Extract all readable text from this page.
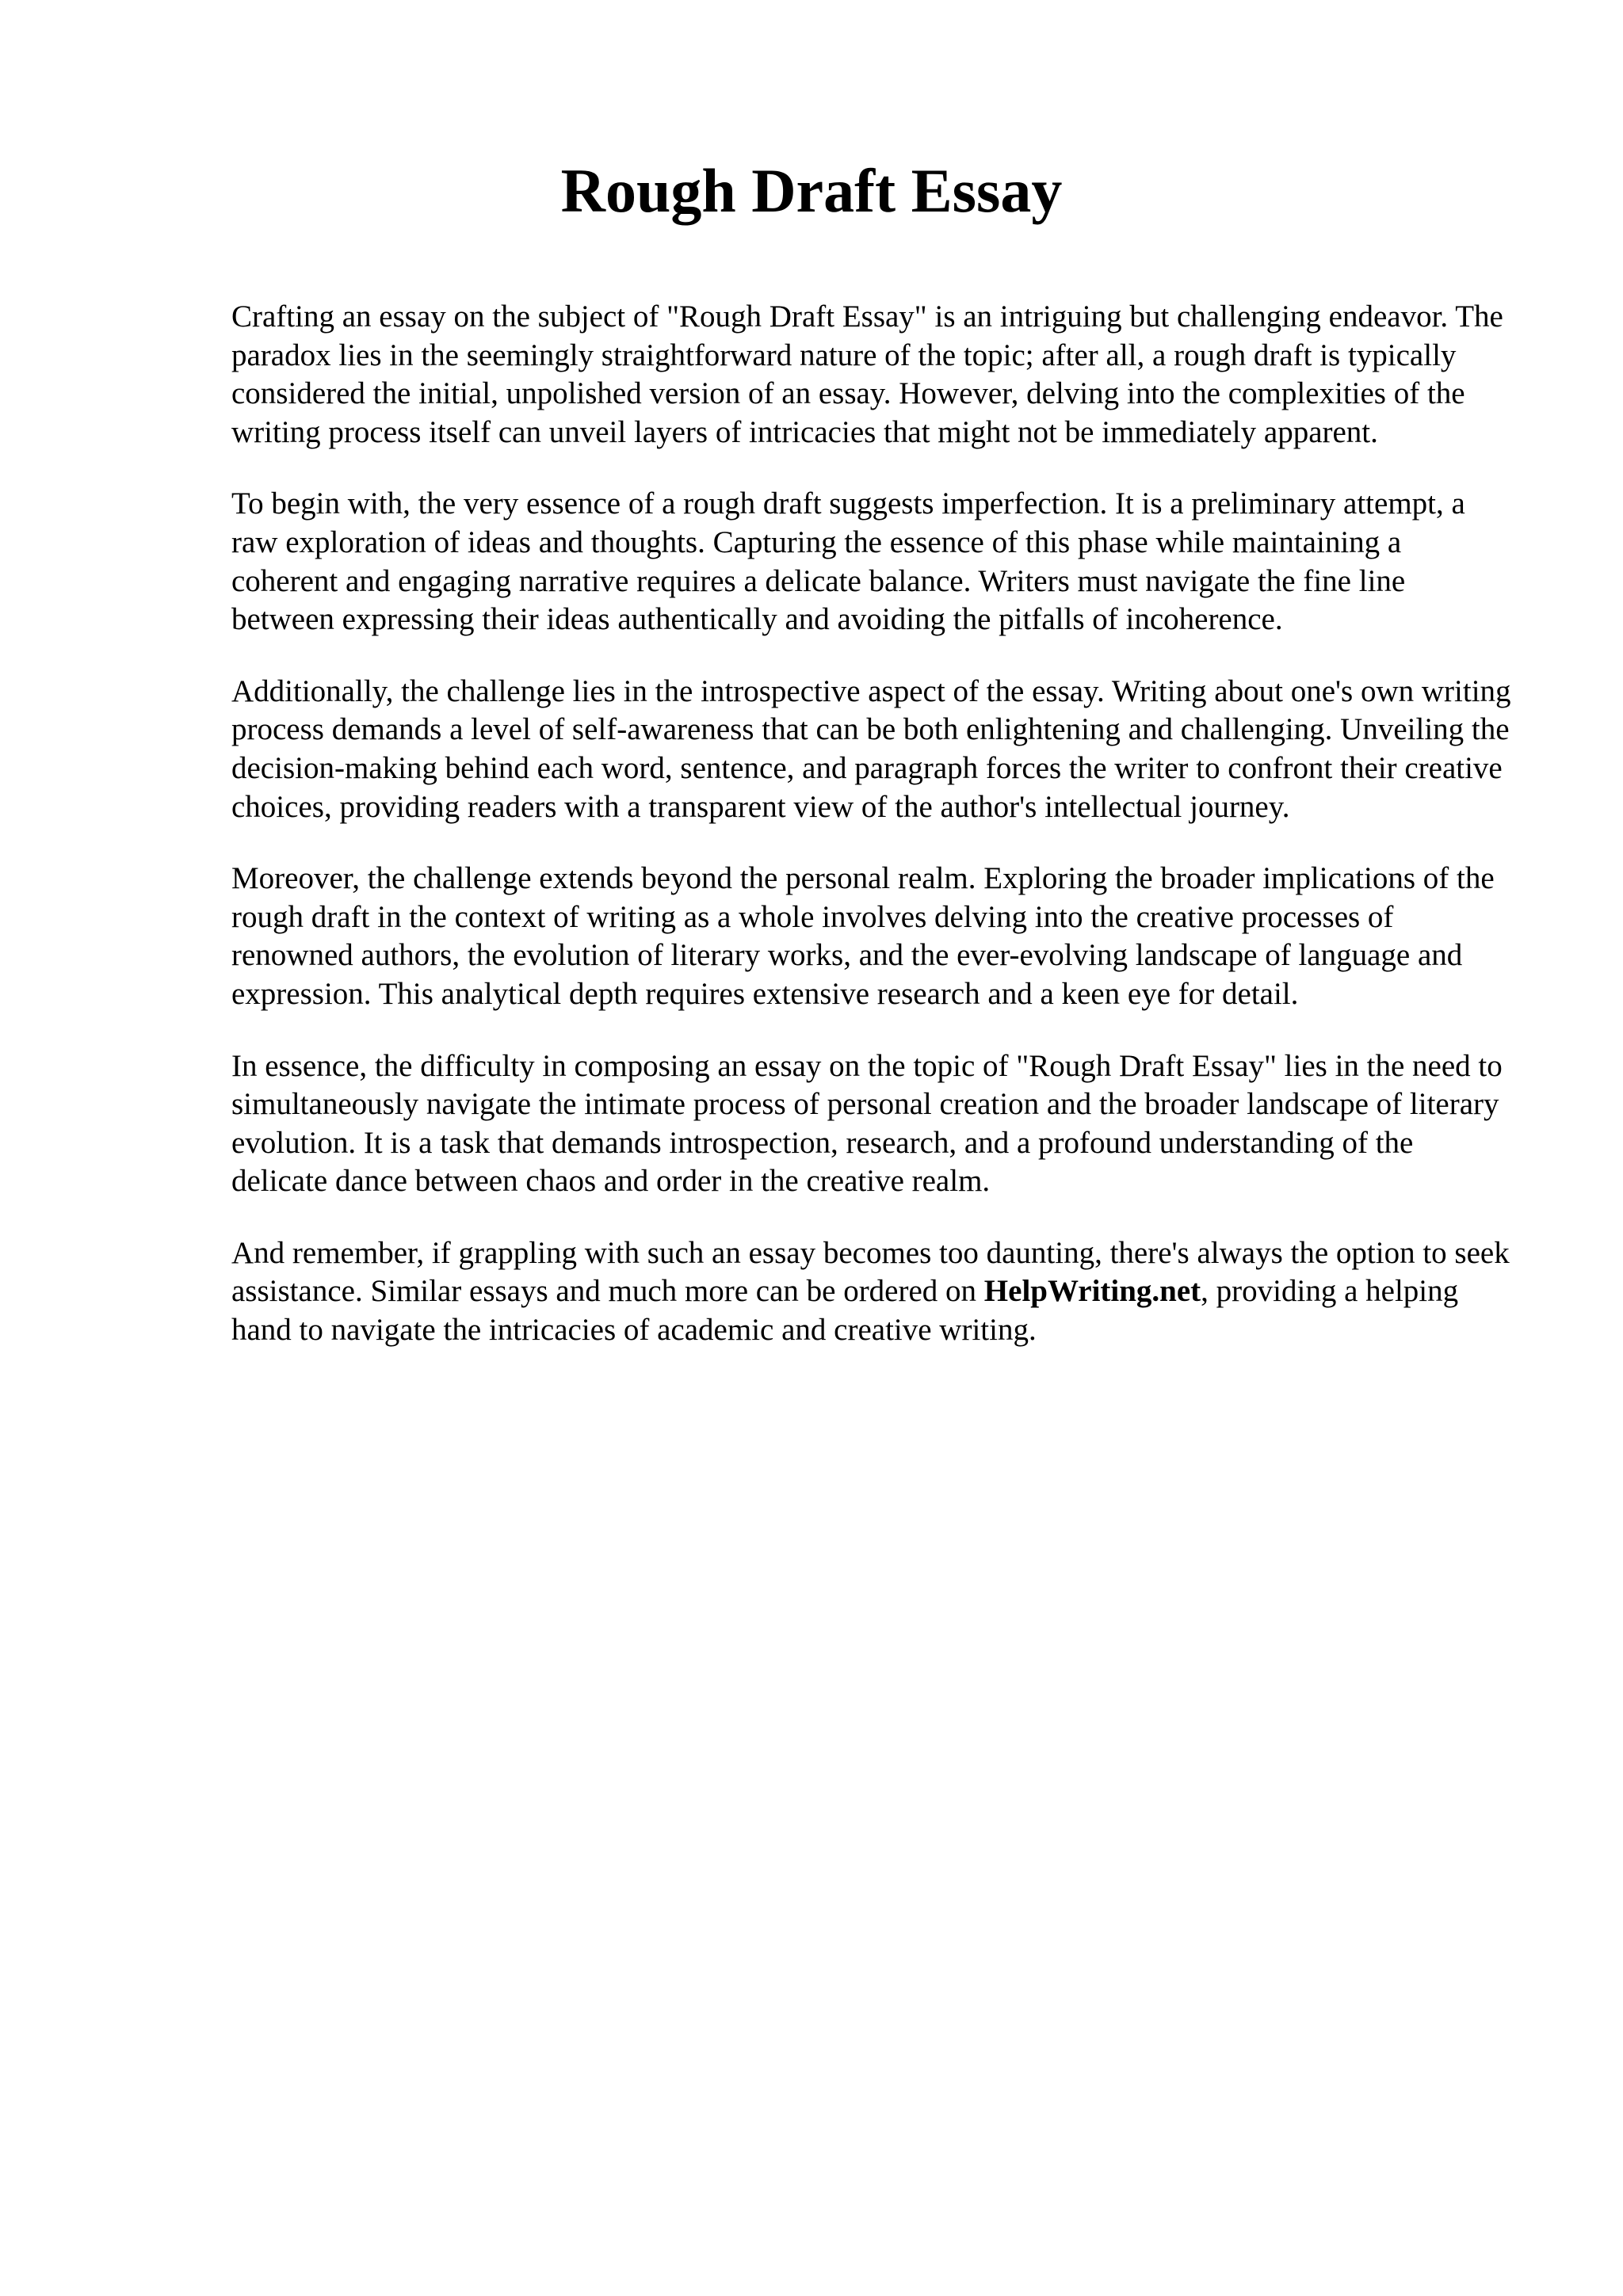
Rough Draft Essay

Crafting an essay on the subject of "Rough Draft Essay" is an intriguing but challenging endeavor. The paradox lies in the seemingly straightforward nature of the topic; after all, a rough draft is typically considered the initial, unpolished version of an essay. However, delving into the complexities of the writing process itself can unveil layers of intricacies that might not be immediately apparent.

To begin with, the very essence of a rough draft suggests imperfection. It is a preliminary attempt, a raw exploration of ideas and thoughts. Capturing the essence of this phase while maintaining a coherent and engaging narrative requires a delicate balance. Writers must navigate the fine line between expressing their ideas authentically and avoiding the pitfalls of incoherence.

Additionally, the challenge lies in the introspective aspect of the essay. Writing about one's own writing process demands a level of self-awareness that can be both enlightening and challenging. Unveiling the decision-making behind each word, sentence, and paragraph forces the writer to confront their creative choices, providing readers with a transparent view of the author's intellectual journey.

Moreover, the challenge extends beyond the personal realm. Exploring the broader implications of the rough draft in the context of writing as a whole involves delving into the creative processes of renowned authors, the evolution of literary works, and the ever-evolving landscape of language and expression. This analytical depth requires extensive research and a keen eye for detail.

In essence, the difficulty in composing an essay on the topic of "Rough Draft Essay" lies in the need to simultaneously navigate the intimate process of personal creation and the broader landscape of literary evolution. It is a task that demands introspection, research, and a profound understanding of the delicate dance between chaos and order in the creative realm.

And remember, if grappling with such an essay becomes too daunting, there's always the option to seek assistance. Similar essays and much more can be ordered on HelpWriting.net, providing a helping hand to navigate the intricacies of academic and creative writing.
